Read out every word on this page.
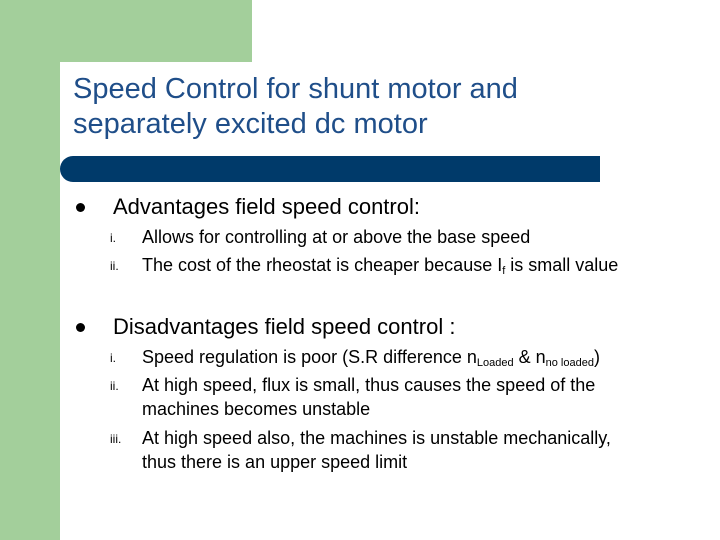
Speed Control for shunt motor and
separately excited dc motor
Advantages field speed control:
i. Allows for controlling at or above the base speed
ii. The cost of the rheostat is cheaper because $I_f$ is small value
Disadvantages field speed control :
i. Speed regulation is poor (S.R difference $n_{Loaded}$ & $n_{no loaded}$)
ii. At high speed, flux is small, thus causes the speed of the
machines becomes unstable
iii. At high speed also, the machines is unstable mechanically,
thus there is an upper speed limit
